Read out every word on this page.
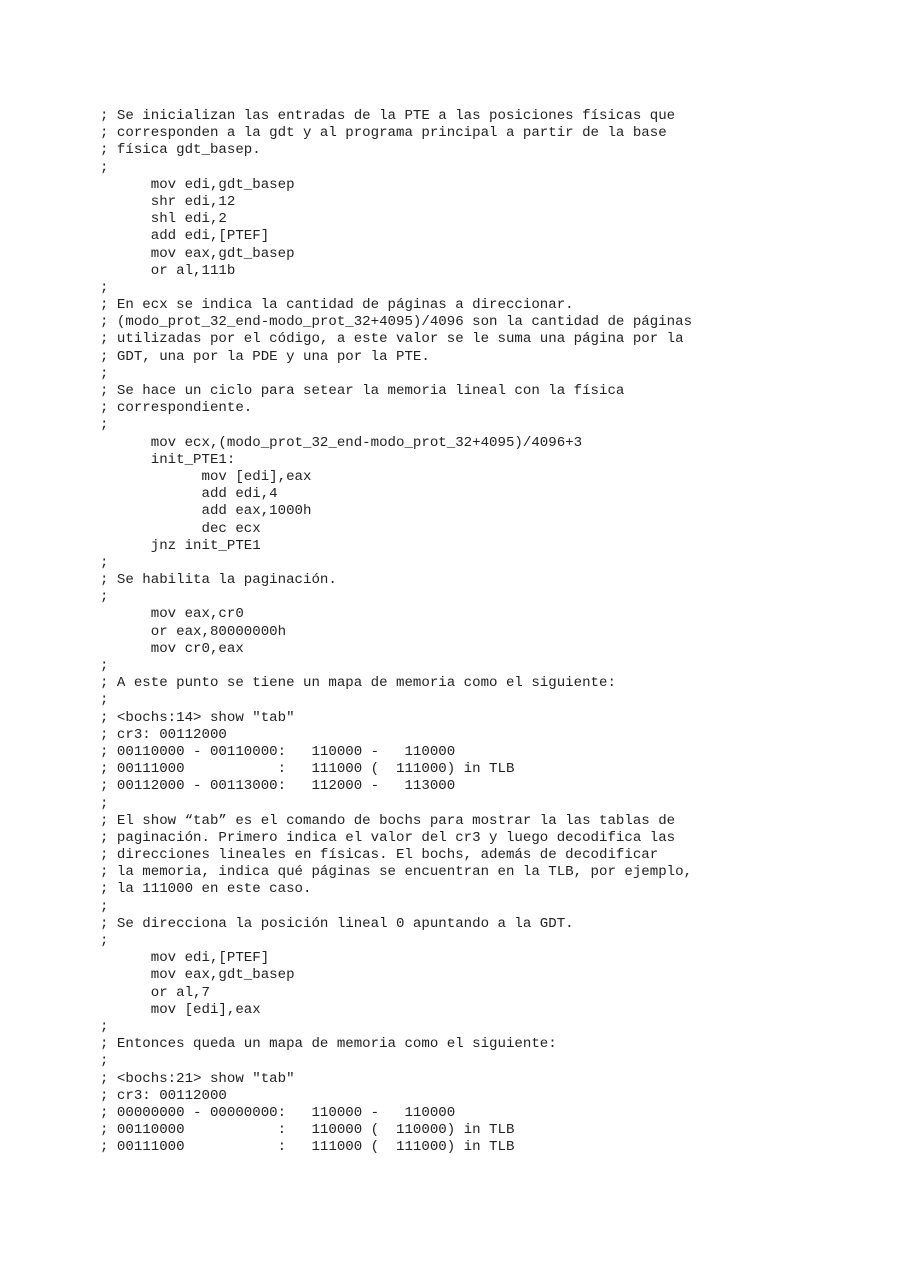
; Se inicializan las entradas de la PTE a las posiciones físicas que
; corresponden a la gdt y al programa principal a partir de la base
; física gdt_basep.
;
mov edi,gdt_basep
shr edi,12
shl edi,2
add edi,[PTEF]
mov eax,gdt_basep
or al,111b
;
; En ecx se indica la cantidad de páginas a direccionar.
; (modo_prot_32_end-modo_prot_32+4095)/4096 son la cantidad de páginas
; utilizadas por el código, a este valor se le suma una página por la
; GDT, una por la PDE y una por la PTE.
;
; Se hace un ciclo para setear la memoria lineal con la física
; correspondiente.
;
mov ecx,(modo_prot_32_end-modo_prot_32+4095)/4096+3
init_PTE1:
mov [edi],eax
add edi,4
add eax,1000h
dec ecx
jnz init_PTE1
;
; Se habilita la paginación.
;
mov eax,cr0
or eax,80000000h
mov cr0,eax
;
; A este punto se tiene un mapa de memoria como el siguiente:
;
; <bochs:14> show "tab"
; cr3: 00112000
; 00110000 - 00110000:   110000 -   110000
; 00111000           :   111000 (  111000) in TLB
; 00112000 - 00113000:   112000 -   113000
;
; El show “tab” es el comando de bochs para mostrar la las tablas de
; paginación. Primero indica el valor del cr3 y luego decodifica las
; direcciones lineales en físicas. El bochs, además de decodificar
; la memoria, indica qué páginas se encuentran en la TLB, por ejemplo,
; la 111000 en este caso.
;
; Se direcciona la posición lineal 0 apuntando a la GDT.
;
mov edi,[PTEF]
mov eax,gdt_basep
or al,7
mov [edi],eax
;
; Entonces queda un mapa de memoria como el siguiente:
;
; <bochs:21> show "tab"
; cr3: 00112000
; 00000000 - 00000000:   110000 -   110000
; 00110000           :   110000 (  110000) in TLB
; 00111000           :   111000 (  111000) in TLB
